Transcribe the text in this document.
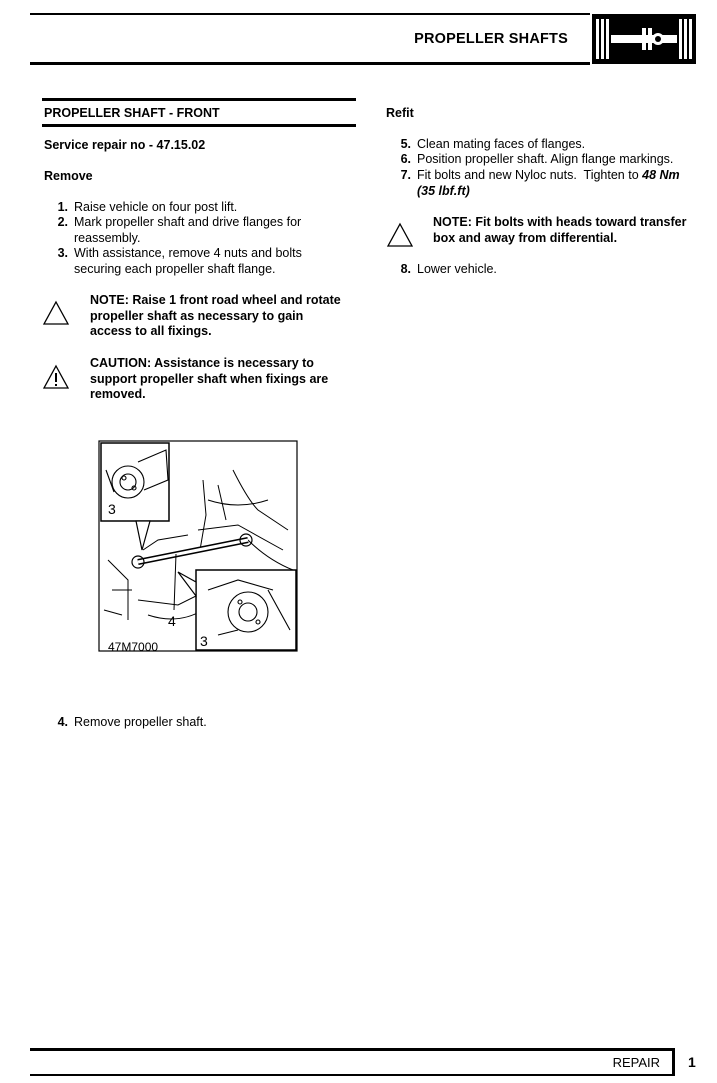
PROPELLER SHAFTS
PROPELLER SHAFT - FRONT
Service repair no - 47.15.02
Remove
1. Raise vehicle on four post lift.
2. Mark propeller shaft and drive flanges for
reassembly.
3. With assistance, remove 4 nuts and bolts
securing each propeller shaft flange.
NOTE: Raise 1 front road wheel and rotate
propeller shaft as necessary to gain
access to all fixings.
CAUTION: Assistance is necessary to
support propeller shaft when fixings are
removed.
3
4
3
47M7000
4. Remove propeller shaft.
Refit
5. Clean mating faces of flanges.
6. Position propeller shaft. Align flange markings.
7. Fit bolts and new Nyloc nuts.  Tighten to 48 Nm
(35 lbf.ft)
NOTE: Fit bolts with heads toward transfer
box and away from differential.
8. Lower vehicle.
REPAIR 1
